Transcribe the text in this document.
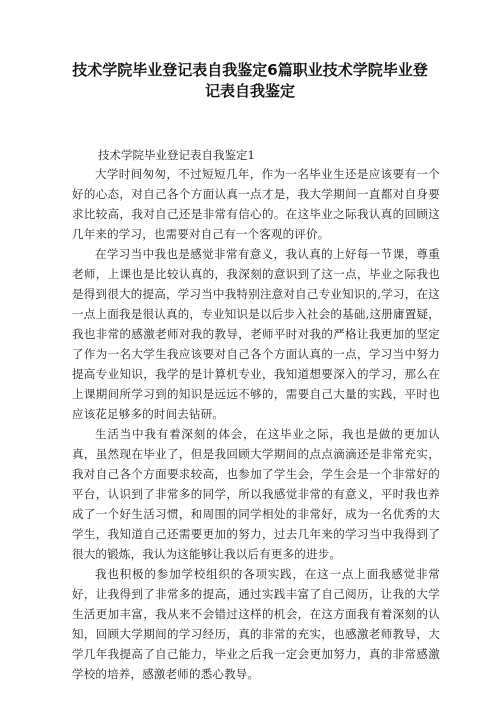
技术学院毕业登记表自我鉴定6篇职业技术学院毕业登
记表自我鉴定

技术学院毕业登记表自我鉴定1

大学时间匆匆，不过短短几年，作为一名毕业生还是应该要有一个好的心态，对自己各个方面认真一点才是，我大学期间一直都对自身要求比较高，我对自己还是非常有信心的。在这毕业之际我认真的回顾这几年来的学习，也需要对自己有一个客观的评价。

在学习当中我也是感觉非常有意义，我认真的上好每一节课，尊重老师，上课也是比较认真的，我深刻的意识到了这一点，毕业之际我也是得到很大的提高，学习当中我特别注意对自己专业知识的,学习，在这一点上面我是很认真的，专业知识是以后步入社会的基础,这册庸置疑，我也非常的感激老师对我的教导，老师平时对我的严格让我更加的坚定了作为一名大学生我应该要对自己各个方面认真的一点，学习当中努力提高专业知识，我学的是计算机专业，我知道想要深入的学习，那么在上课期间所学习到的知识是远远不够的，需要自己大量的实践，平时也应该花足够多的时间去钻研。

生活当中我有着深刻的体会，在这毕业之际，我也是做的更加认真，虽然现在毕业了，但是我回顾大学期间的点点滴滴还是非常充实，我对自己各个方面要求较高，也参加了学生会，学生会是一个非常好的平台，认识到了非常多的同学，所以我感觉非常的有意义，平时我也养成了一个好生活习惯，和周围的同学相处的非常好，成为一名优秀的大学生，我知道自己还需要更加的努力，过去几年来的学习当中我得到了很大的锻炼，我认为这能够让我以后有更多的进步。

我也积极的参加学校组织的各项实践，在这一点上面我感觉非常好，让我得到了非常多的提高，通过实践丰富了自己阅历，让我的大学生活更加丰富，我从来不会错过这样的机会，在这方面我有着深刻的认知，回顾大学期间的学习经历，真的非常的充实，也感激老师教导，大学几年我提高了自己能力，毕业之后我一定会更加努力，真的非常感激学校的培养，感激老师的悉心教导。
